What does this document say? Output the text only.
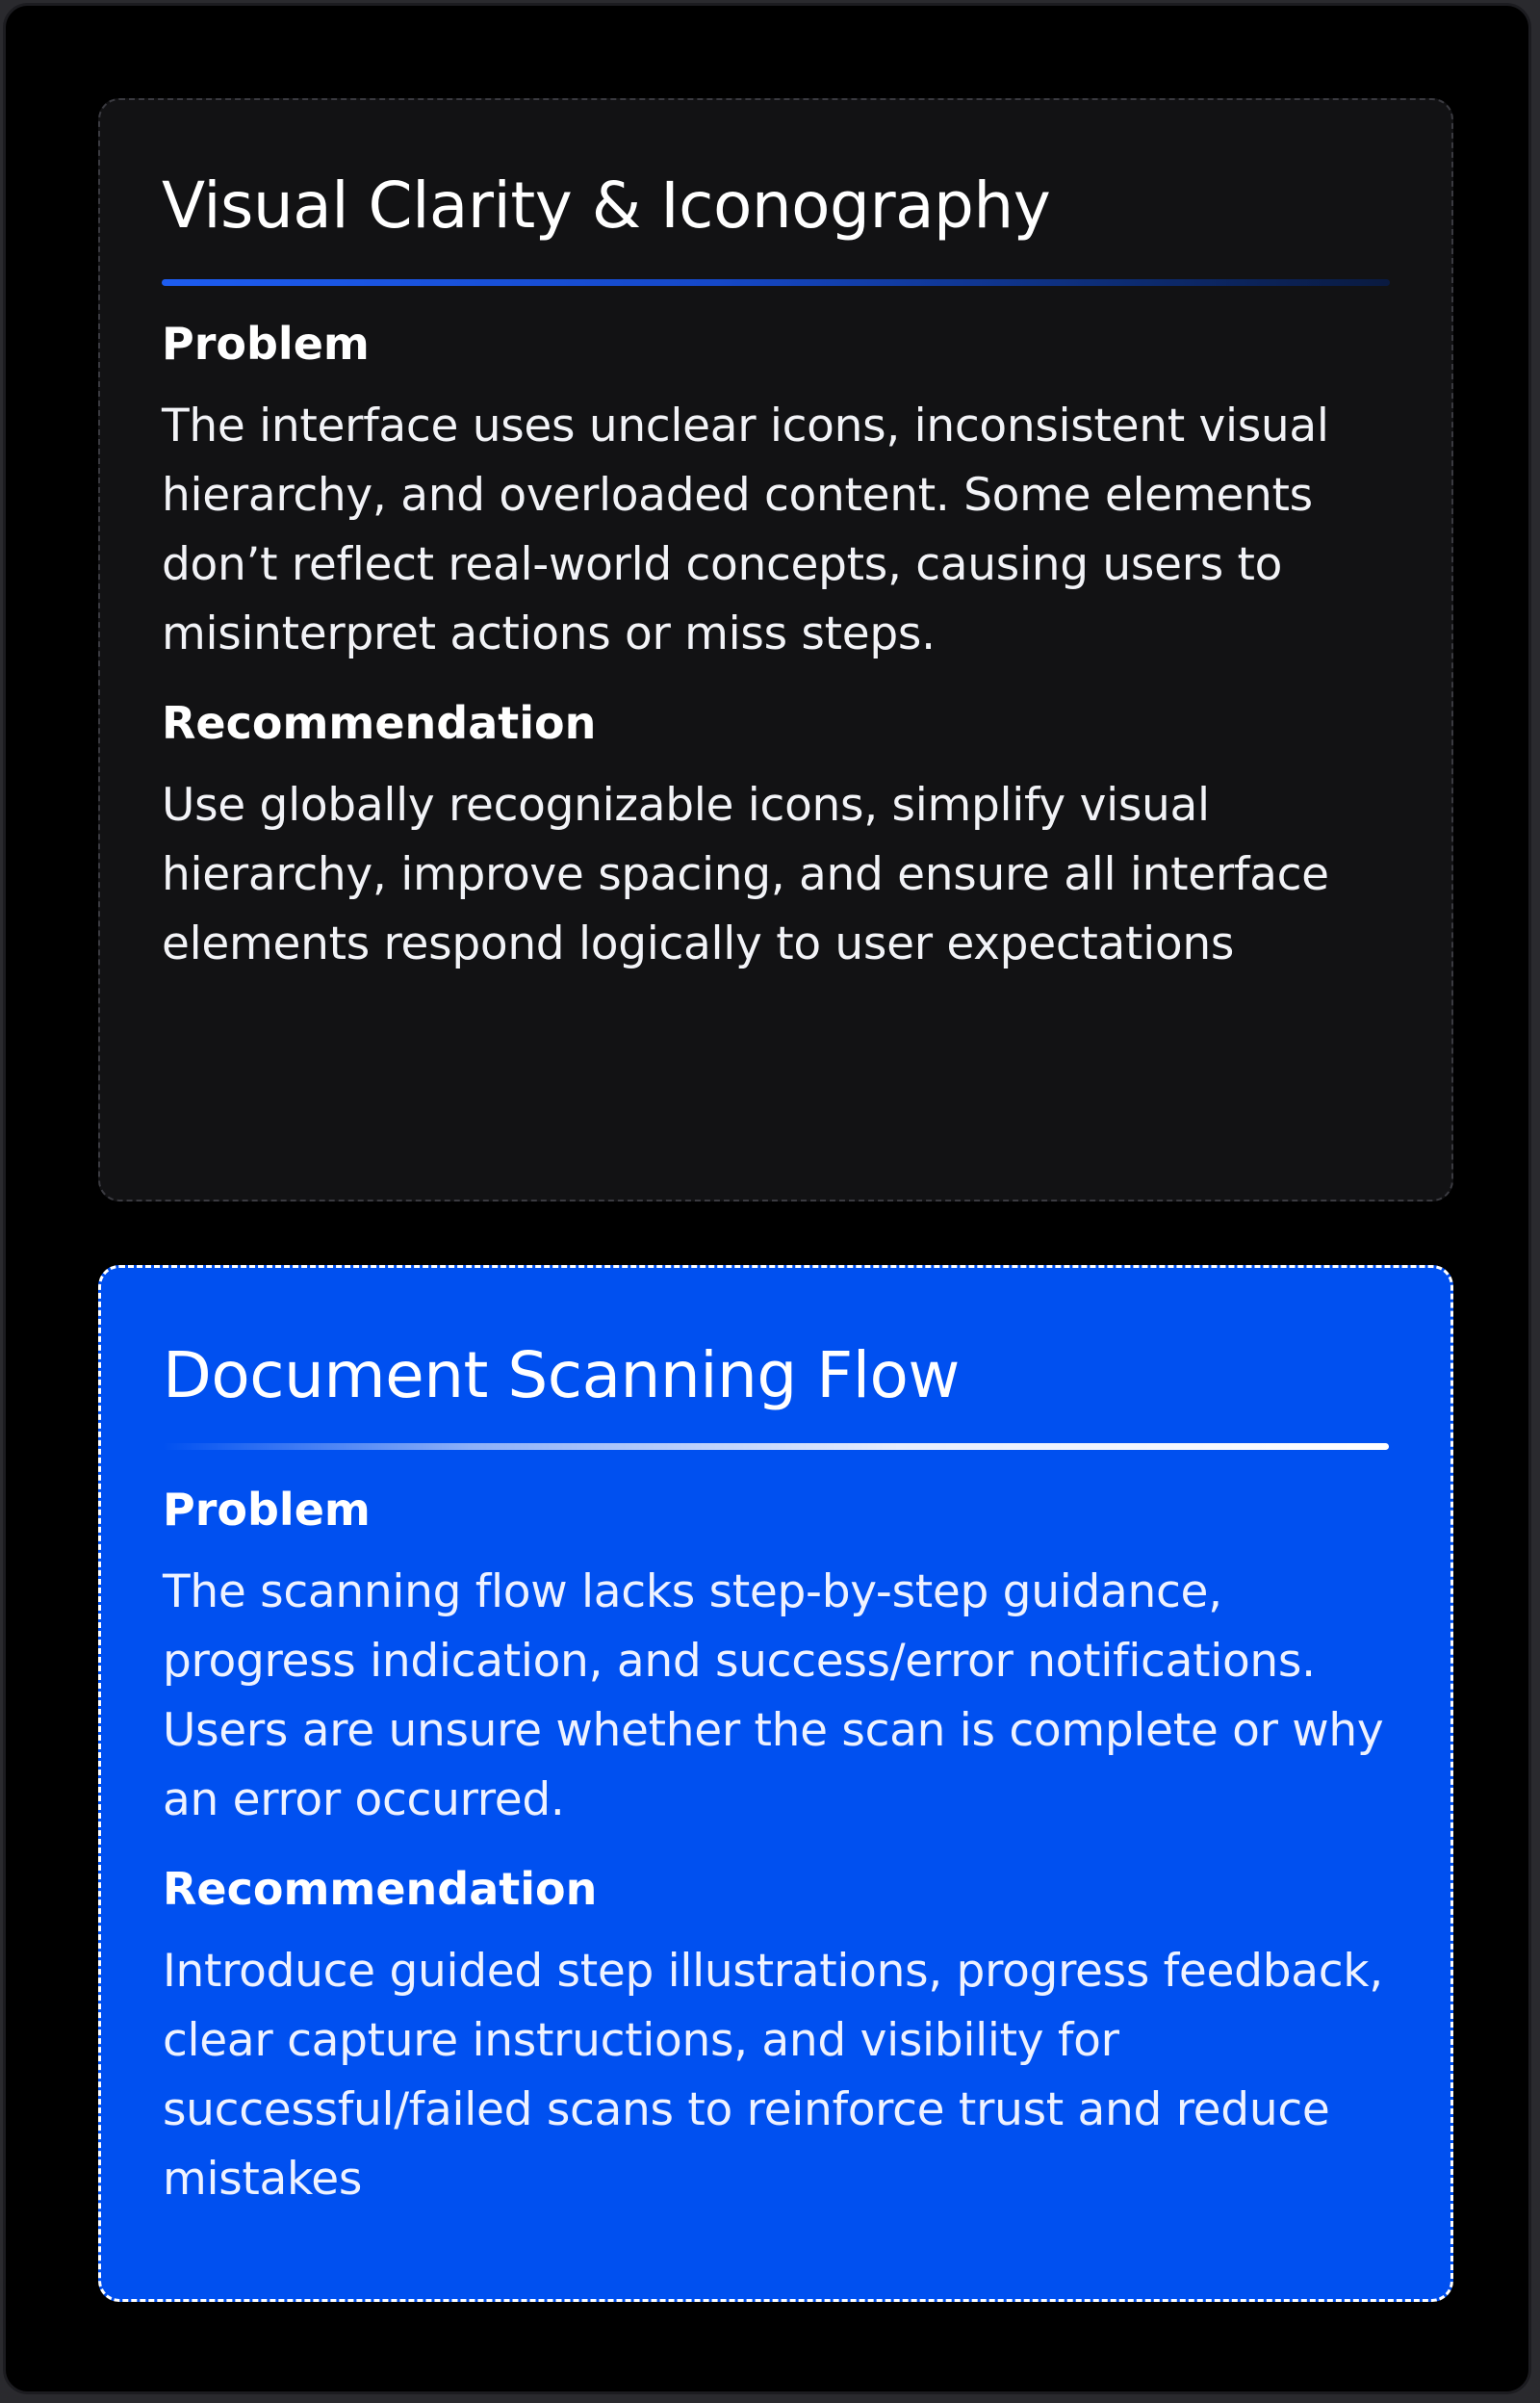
Visual Clarity & Iconography
Problem

The interface uses unclear icons, inconsistent visual hierarchy, and overloaded content. Some elements don’t reflect real-world concepts, causing users to misinterpret actions or miss steps.

Recommendation

Use globally recognizable icons, simplify visual hierarchy, improve spacing, and ensure all interface elements respond logically to user expectations

Document Scanning Flow
Problem

The scanning flow lacks step-by-step guidance, progress indication, and success/error notifications. Users are unsure whether the scan is complete or why an error occurred.

Recommendation

Introduce guided step illustrations, progress feedback, clear capture instructions, and visibility for successful/failed scans to reinforce trust and reduce mistakes
